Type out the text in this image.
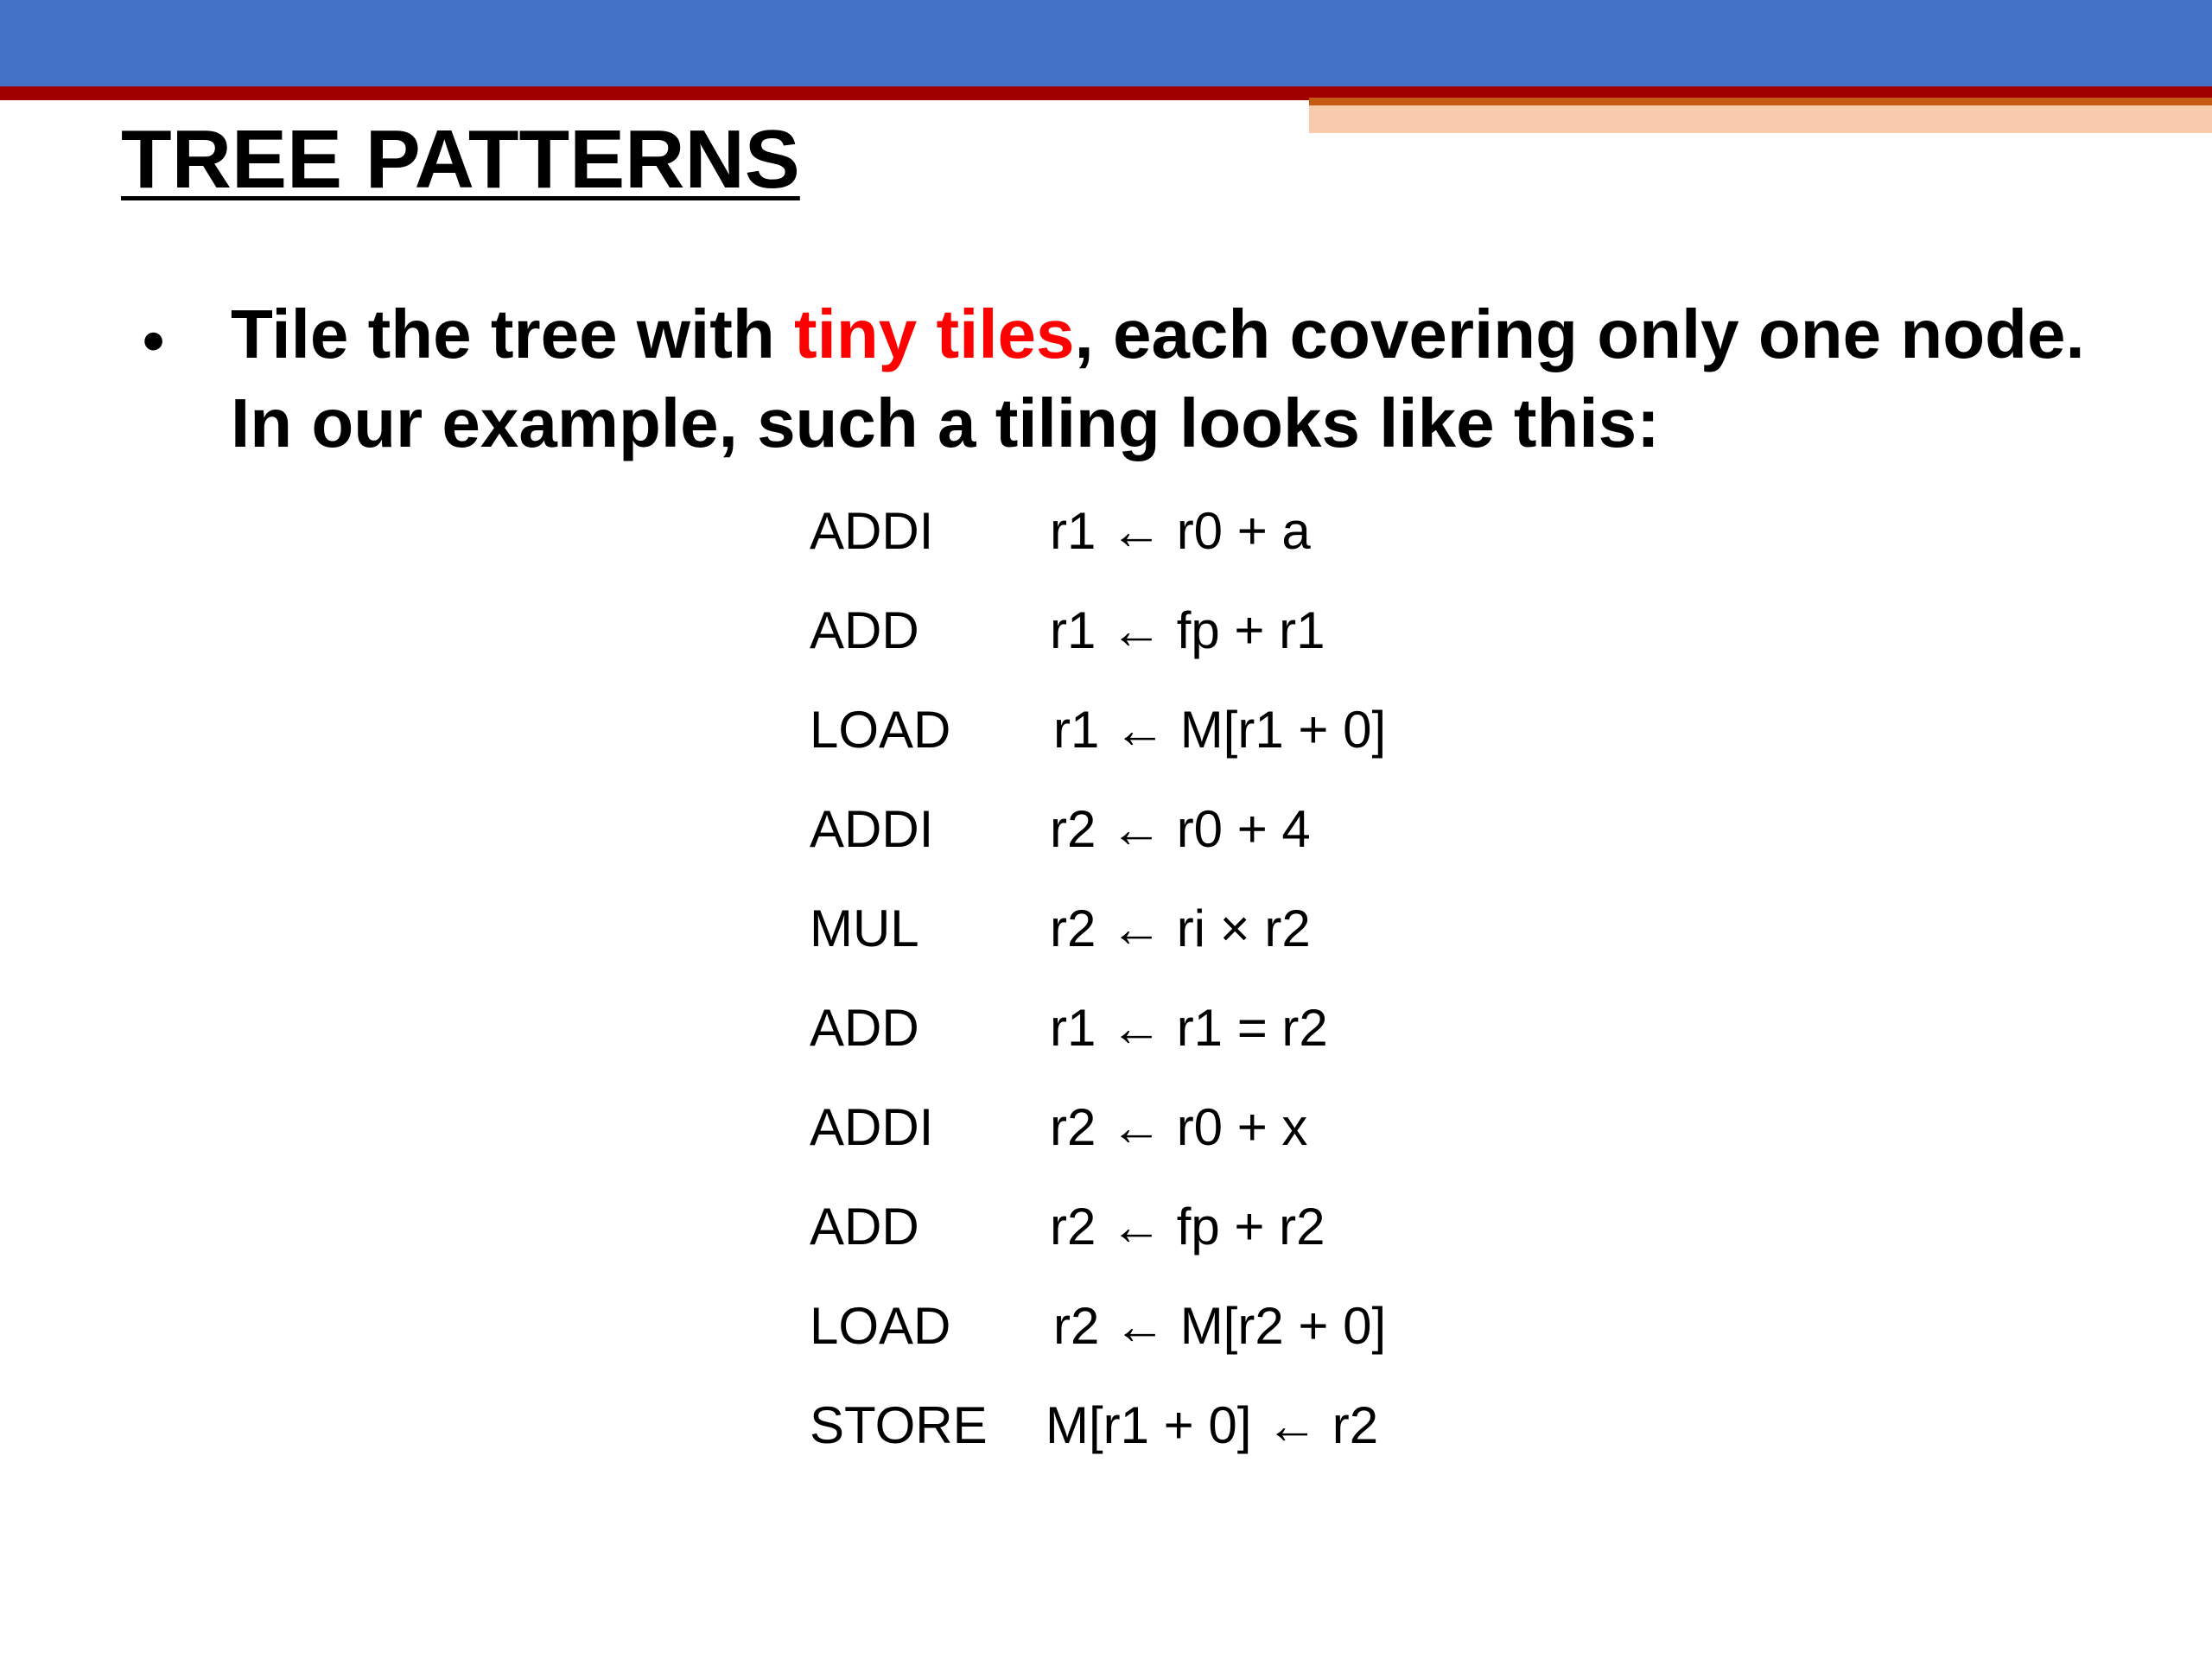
TREE PATTERNS
• Tile the tree with tiny tiles, each covering only one node. In our example, such a tiling looks like this:

ADDI r1 ← r0 + a
ADD	r1 ← fp + r1
LOAD r1 ← M[r1 + 0]
ADDI r2 ← r0 + 4
MUL	r2 ← ri × r2
ADD	r1 ← r1 = r2
ADDI r2 ← r0 + x
ADD	r2 ← fp + r2
LOAD r2 ← M[r2 + 0]
STORE M[r1 + 0] ← r2
